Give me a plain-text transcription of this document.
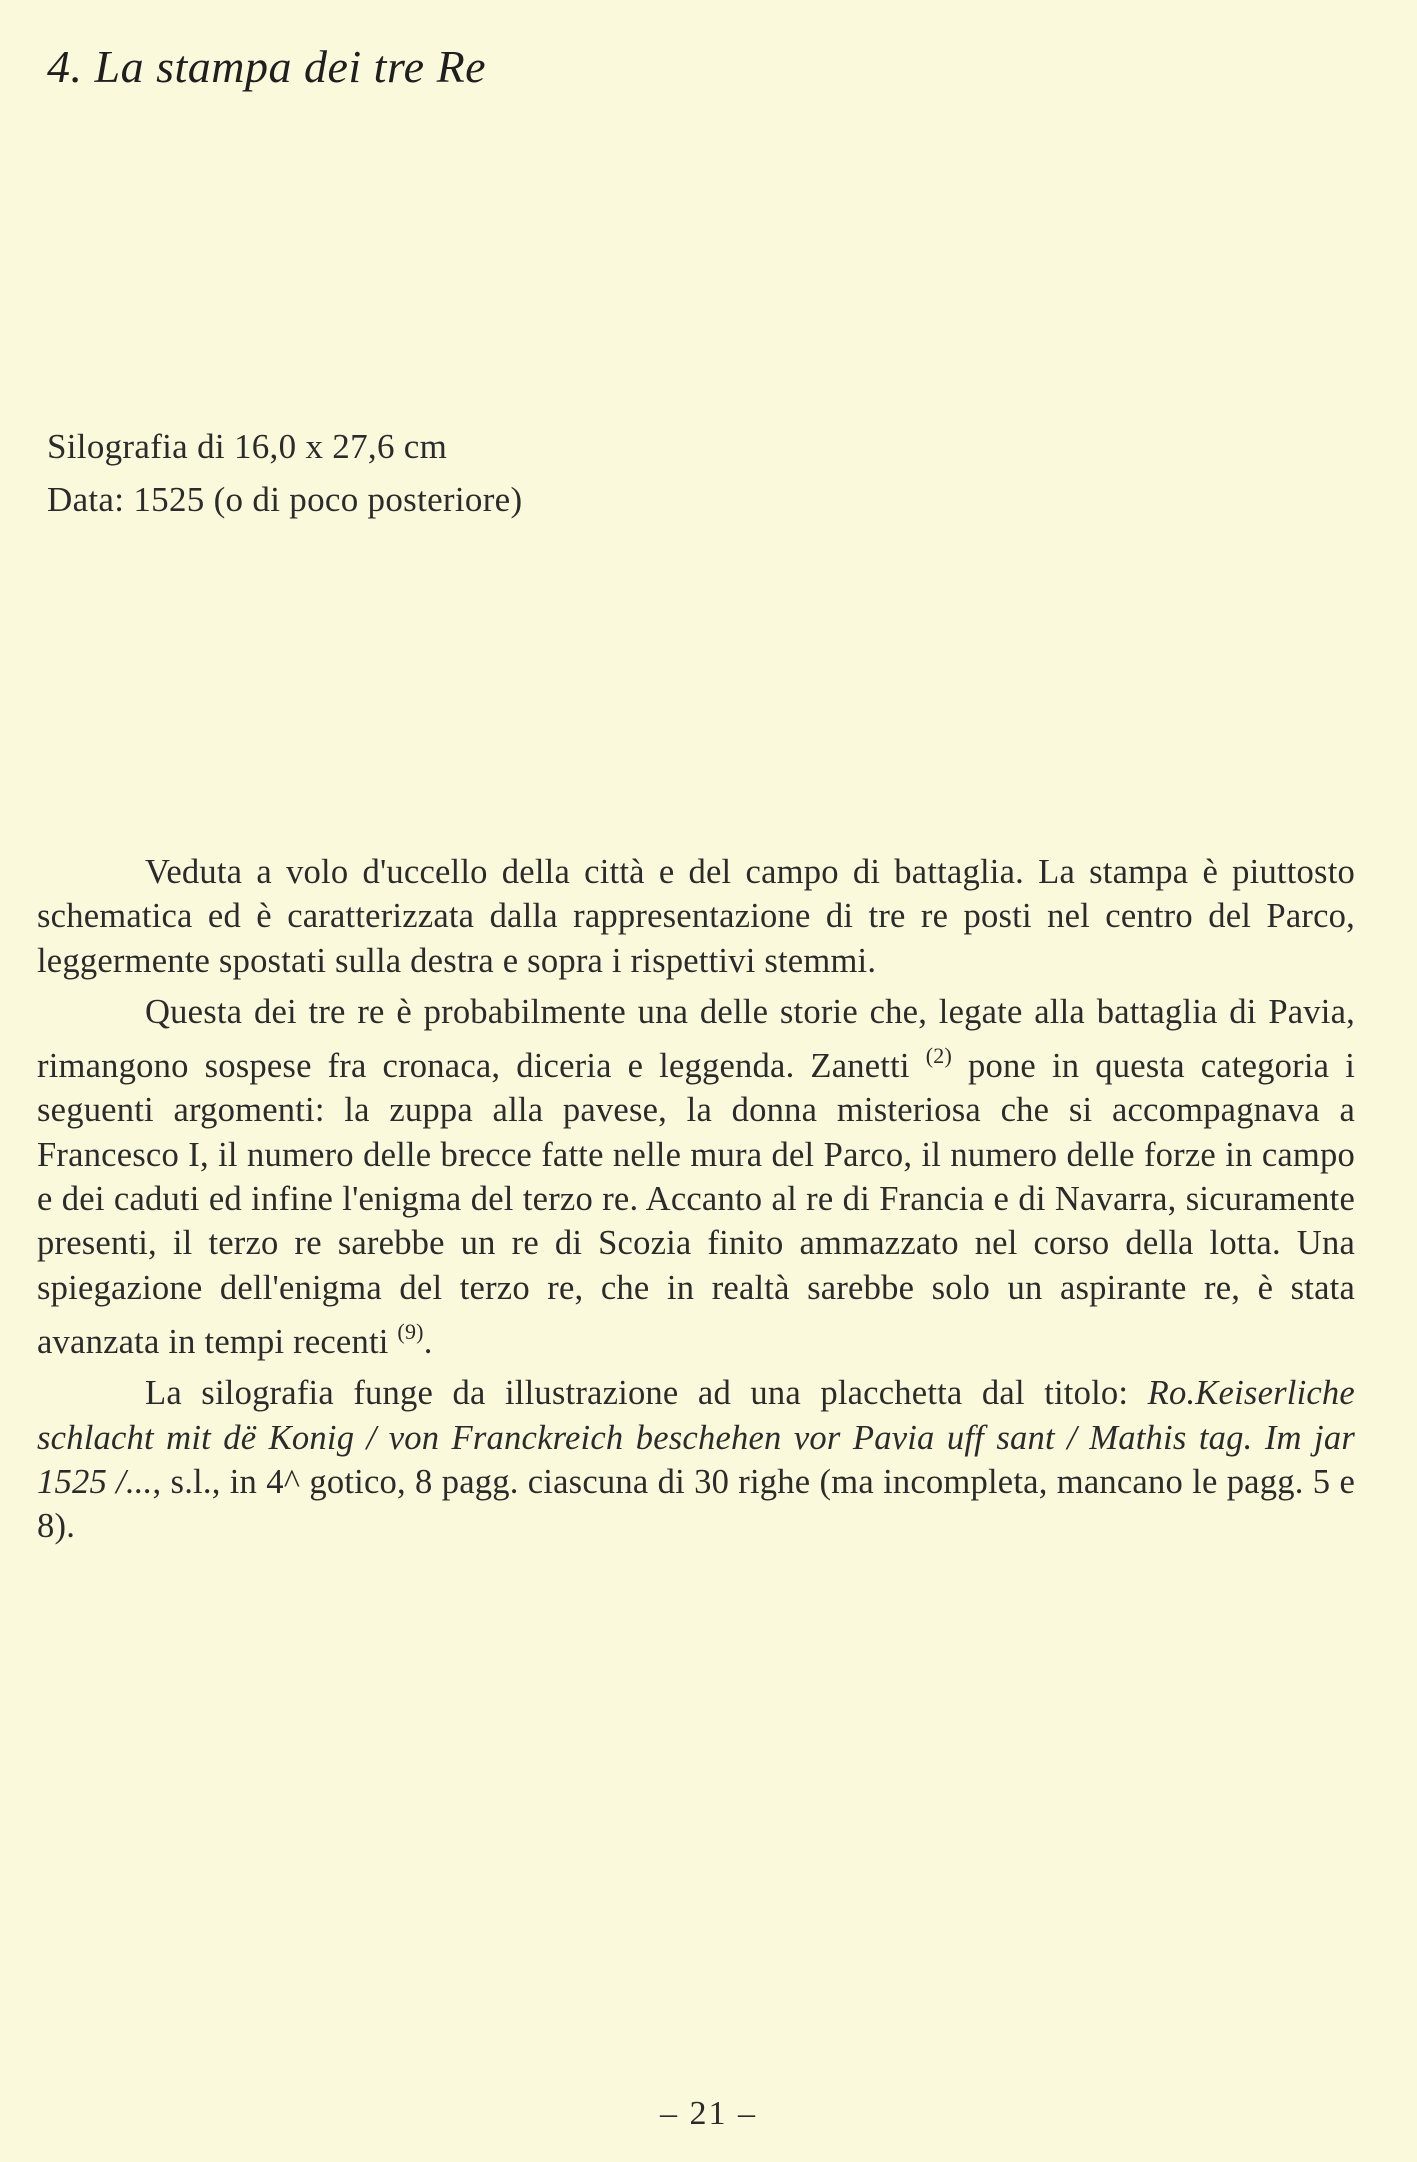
4. La stampa dei tre Re
Silografia di 16,0 x 27,6 cm
Data: 1525 (o di poco posteriore)

Veduta a volo d'uccello della città e del campo di battaglia. La stampa è piuttosto schematica ed è caratterizzata dalla rappresentazione di tre re posti nel centro del Parco, leggermente spostati sulla destra e sopra i rispettivi stemmi.

Questa dei tre re è probabilmente una delle storie che, legate alla battaglia di Pavia, rimangono sospese fra cronaca, diceria e leggenda. Zanetti $^{(2)}$ pone in questa categoria i seguenti argomenti: la zuppa alla pavese, la donna misteriosa che si accompagnava a Francesco I, il numero delle brecce fatte nelle mura del Parco, il numero delle forze in campo e dei caduti ed infine l'enigma del terzo re. Accanto al re di Francia e di Navarra, sicuramente presenti, il terzo re sarebbe un re di Scozia finito ammazzato nel corso della lotta. Una spiegazione dell'enigma del terzo re, che in realtà sarebbe solo un aspirante re, è stata avanzata in tempi recenti $^{(9)}$.

La silografia funge da illustrazione ad una placchetta dal titolo: Ro.Keiserliche schlacht mit dë Konig / von Franckreich beschehen vor Pavia uff sant / Mathis tag. Im jar 1525 /..., s.l., in 4^ gotico, 8 pagg. ciascuna di 30 righe (ma incompleta, mancano le pagg. 5 e 8).

– 21 –
